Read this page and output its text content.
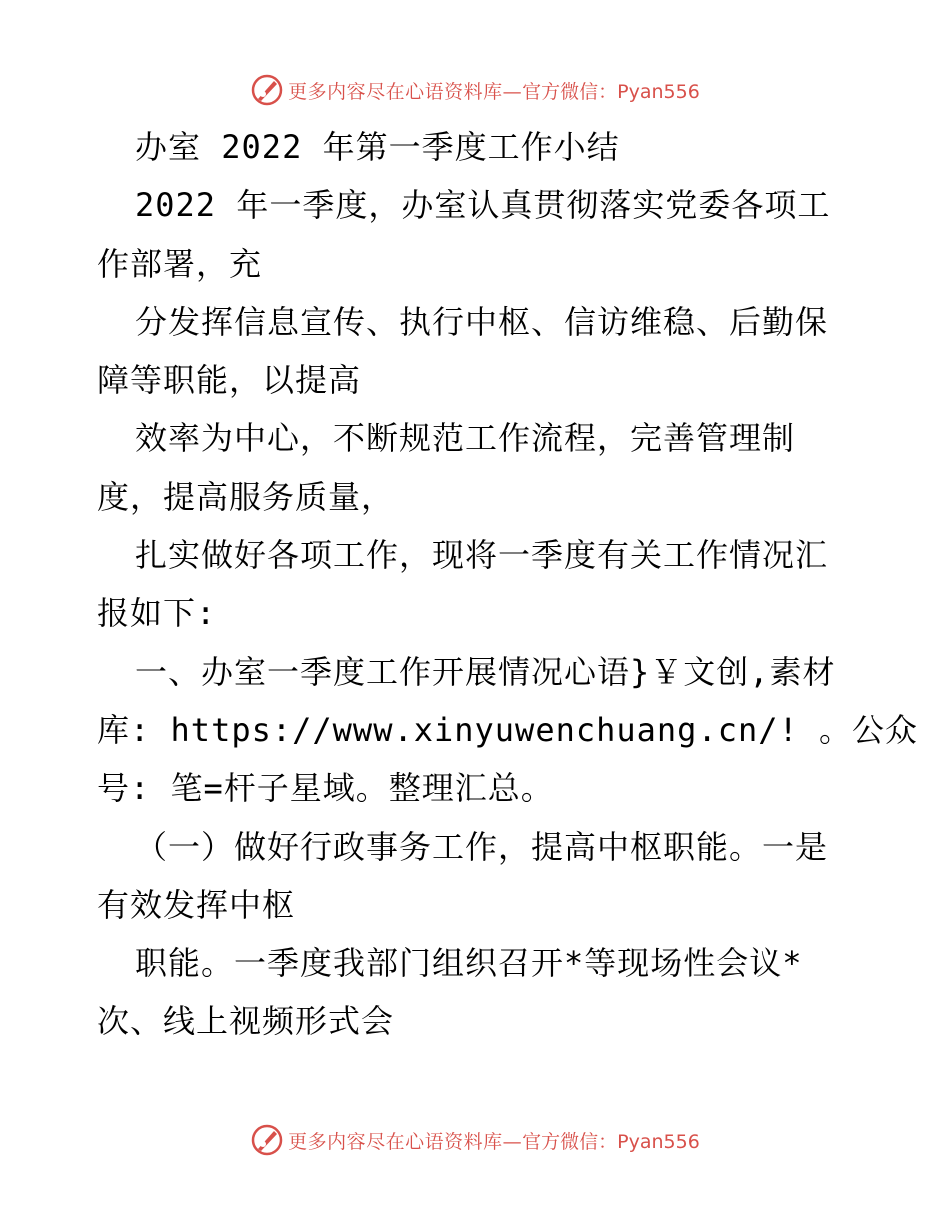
更多内容尽在心语资料库— 官方微信：Pyan556
办室 2022 年第一季度工作小结
2022 年一季度，办室认真贯彻落实党委各项工
作部署，充
分发挥信息宣传、执行中枢、信访维稳、后勤保
障等职能，以提高
效率为中心，不断规范工作流程，完善管理制
度，提高服务质量，
扎实做好各项工作，现将一季度有关工作情况汇
报如下:
一、办室一季度工作开展情况心语}￥文创,素材
库: https://www.xinyuwenchuang.cn/! 。公众
号: 笔=杆子星域。整理汇总。
（一）做好行政事务工作，提高中枢职能。一是
有效发挥中枢
职能。一季度我部门组织召开*等现场性会议*
次、线上视频形式会
更多内容尽在心语资料库— 官方微信：Pyan556
